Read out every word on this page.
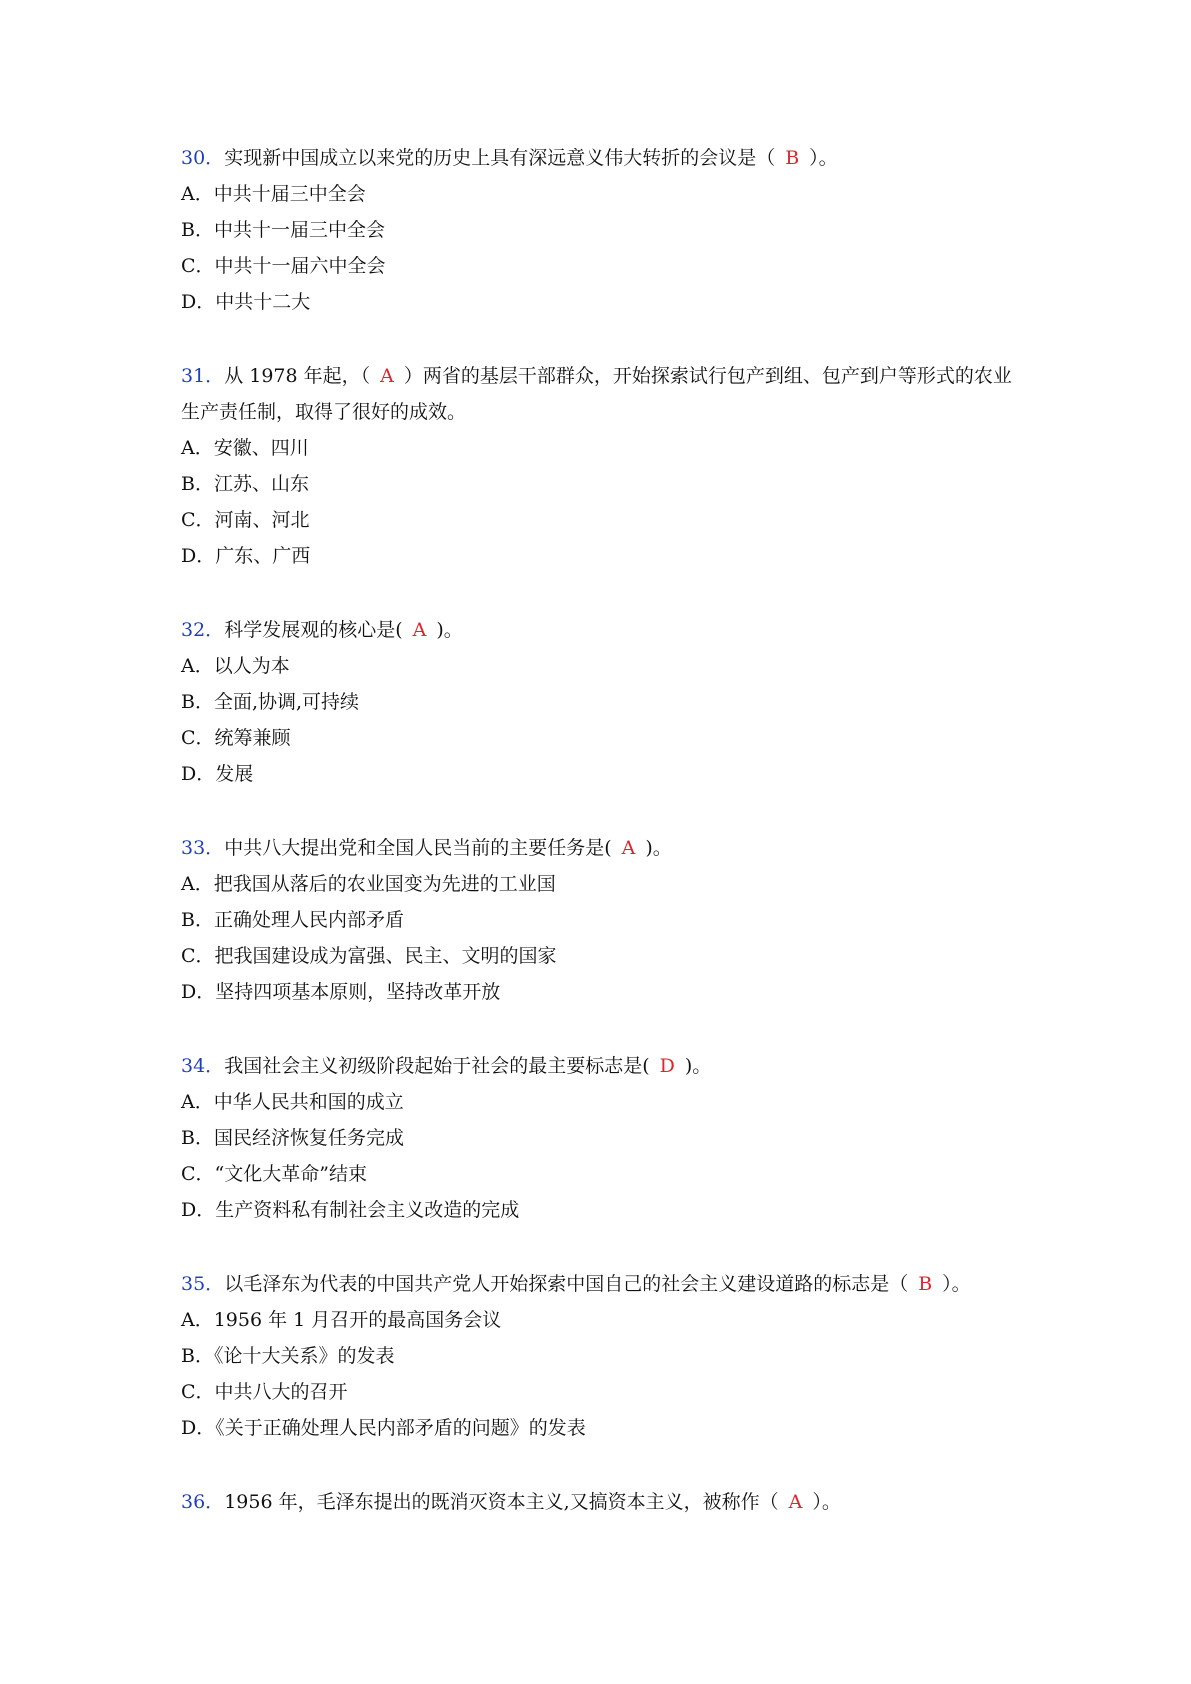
30．实现新中国成立以来党的历史上具有深远意义伟大转折的会议是（ B ）。

A．中共十届三中全会

B．中共十一届三中全会

C．中共十一届六中全会

D．中共十二大

31．从 1978 年起，（ A ）两省的基层干部群众，开始探索试行包产到组、包产到户等形式的农业生产责任制，取得了很好的成效。

A．安徽、四川

B．江苏、山东

C．河南、河北

D．广东、广西

32．科学发展观的核心是( A )。

A．以人为本

B．全面,协调,可持续

C．统筹兼顾

D．发展

33．中共八大提出党和全国人民当前的主要任务是( A )。

A．把我国从落后的农业国变为先进的工业国

B．正确处理人民内部矛盾

C．把我国建设成为富强、民主、文明的国家

D．坚持四项基本原则，坚持改革开放

34．我国社会主义初级阶段起始于社会的最主要标志是( D )。

A．中华人民共和国的成立

B．国民经济恢复任务完成

C．“文化大革命”结束

D．生产资料私有制社会主义改造的完成

35．以毛泽东为代表的中国共产党人开始探索中国自己的社会主义建设道路的标志是（ B ）。

A．1956 年 1 月召开的最高国务会议

B．《论十大关系》的发表

C．中共八大的召开

D．《关于正确处理人民内部矛盾的问题》的发表

36．1956 年，毛泽东提出的既消灭资本主义,又搞资本主义，被称作（ A ）。
